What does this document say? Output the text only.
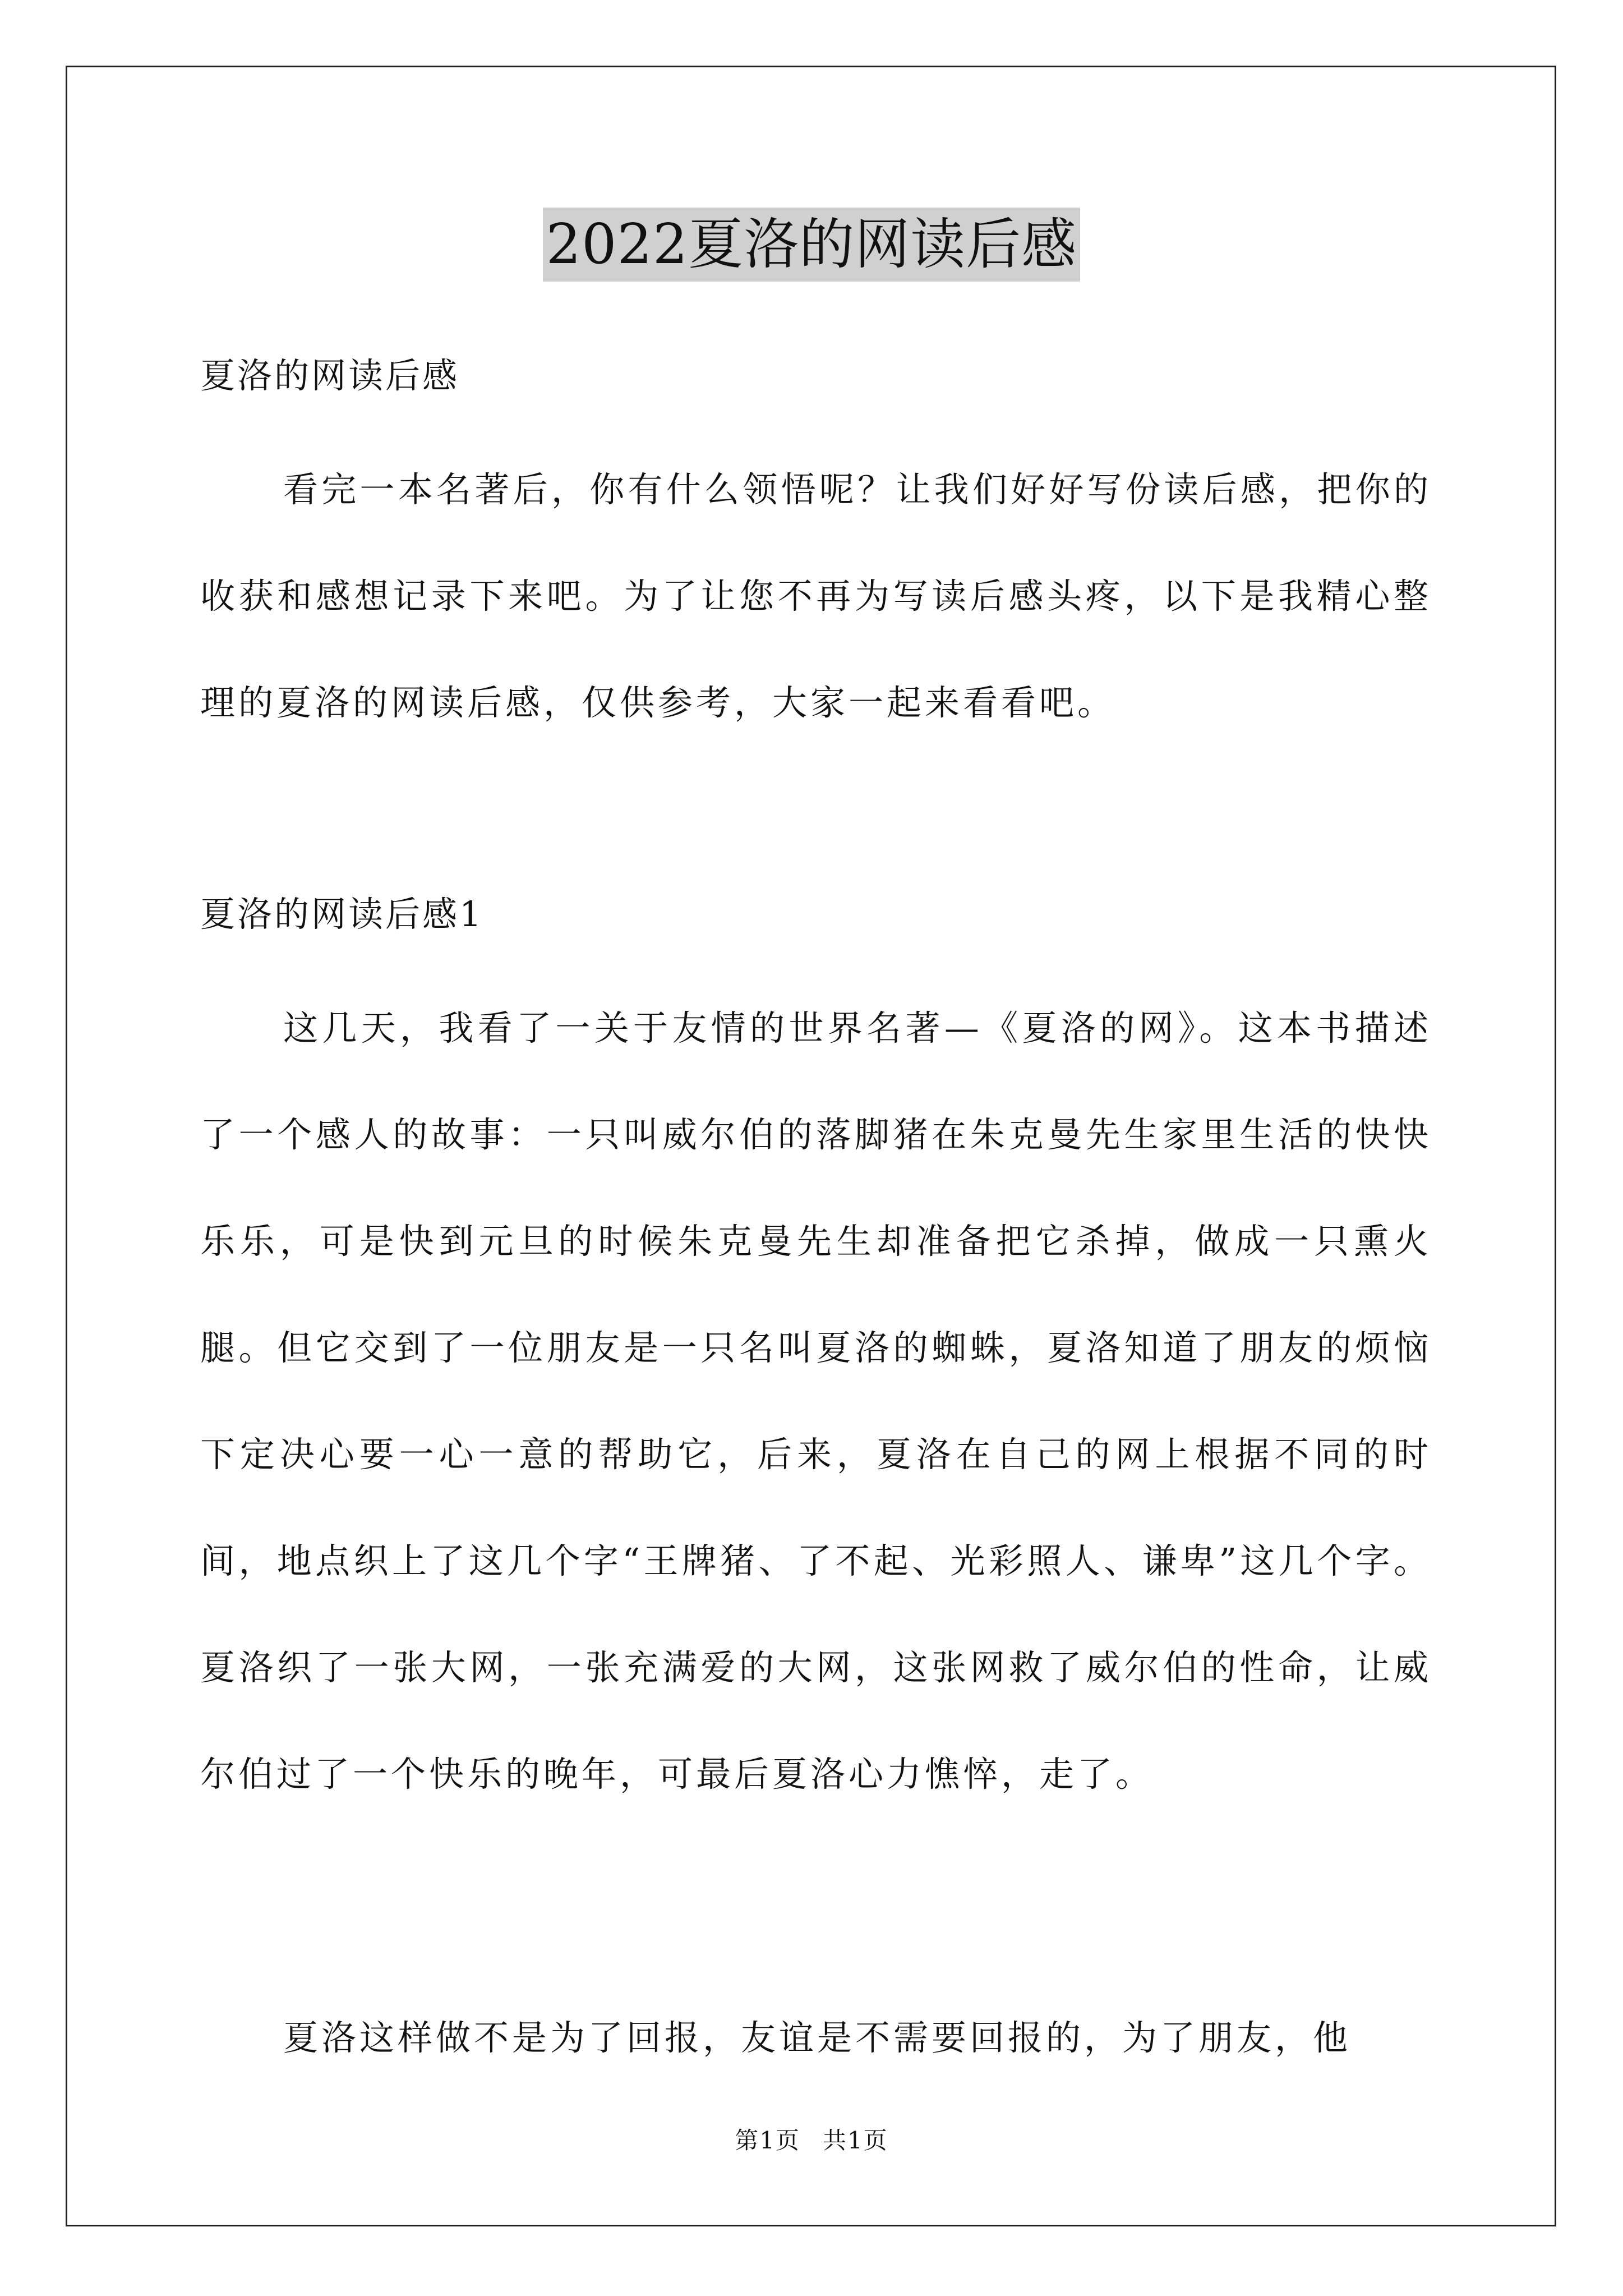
2022夏洛的网读后感

夏洛的网读后感

看完一本名著后，你有什么领悟呢？让我们好好写份读后感，把你的收获和感想记录下来吧。为了让您不再为写读后感头疼，以下是我精心整理的夏洛的网读后感，仅供参考，大家一起来看看吧。

夏洛的网读后感1

这几天，我看了一关于友情的世界名著—《夏洛的网》。这本书描述了一个感人的故事：一只叫威尔伯的落脚猪在朱克曼先生家里生活的快快乐乐，可是快到元旦的时候朱克曼先生却准备把它杀掉，做成一只熏火腿。但它交到了一位朋友是一只名叫夏洛的蜘蛛，夏洛知道了朋友的烦恼下定决心要一心一意的帮助它，后来，夏洛在自己的网上根据不同的时间，地点织上了这几个字“王牌猪、了不起、光彩照人、谦卑”这几个字。夏洛织了一张大网，一张充满爱的大网，这张网救了威尔伯的性命，让威尔伯过了一个快乐的晚年，可最后夏洛心力憔悴，走了。

夏洛这样做不是为了回报，友谊是不需要回报的，为了朋友，他

第1页 共1页
